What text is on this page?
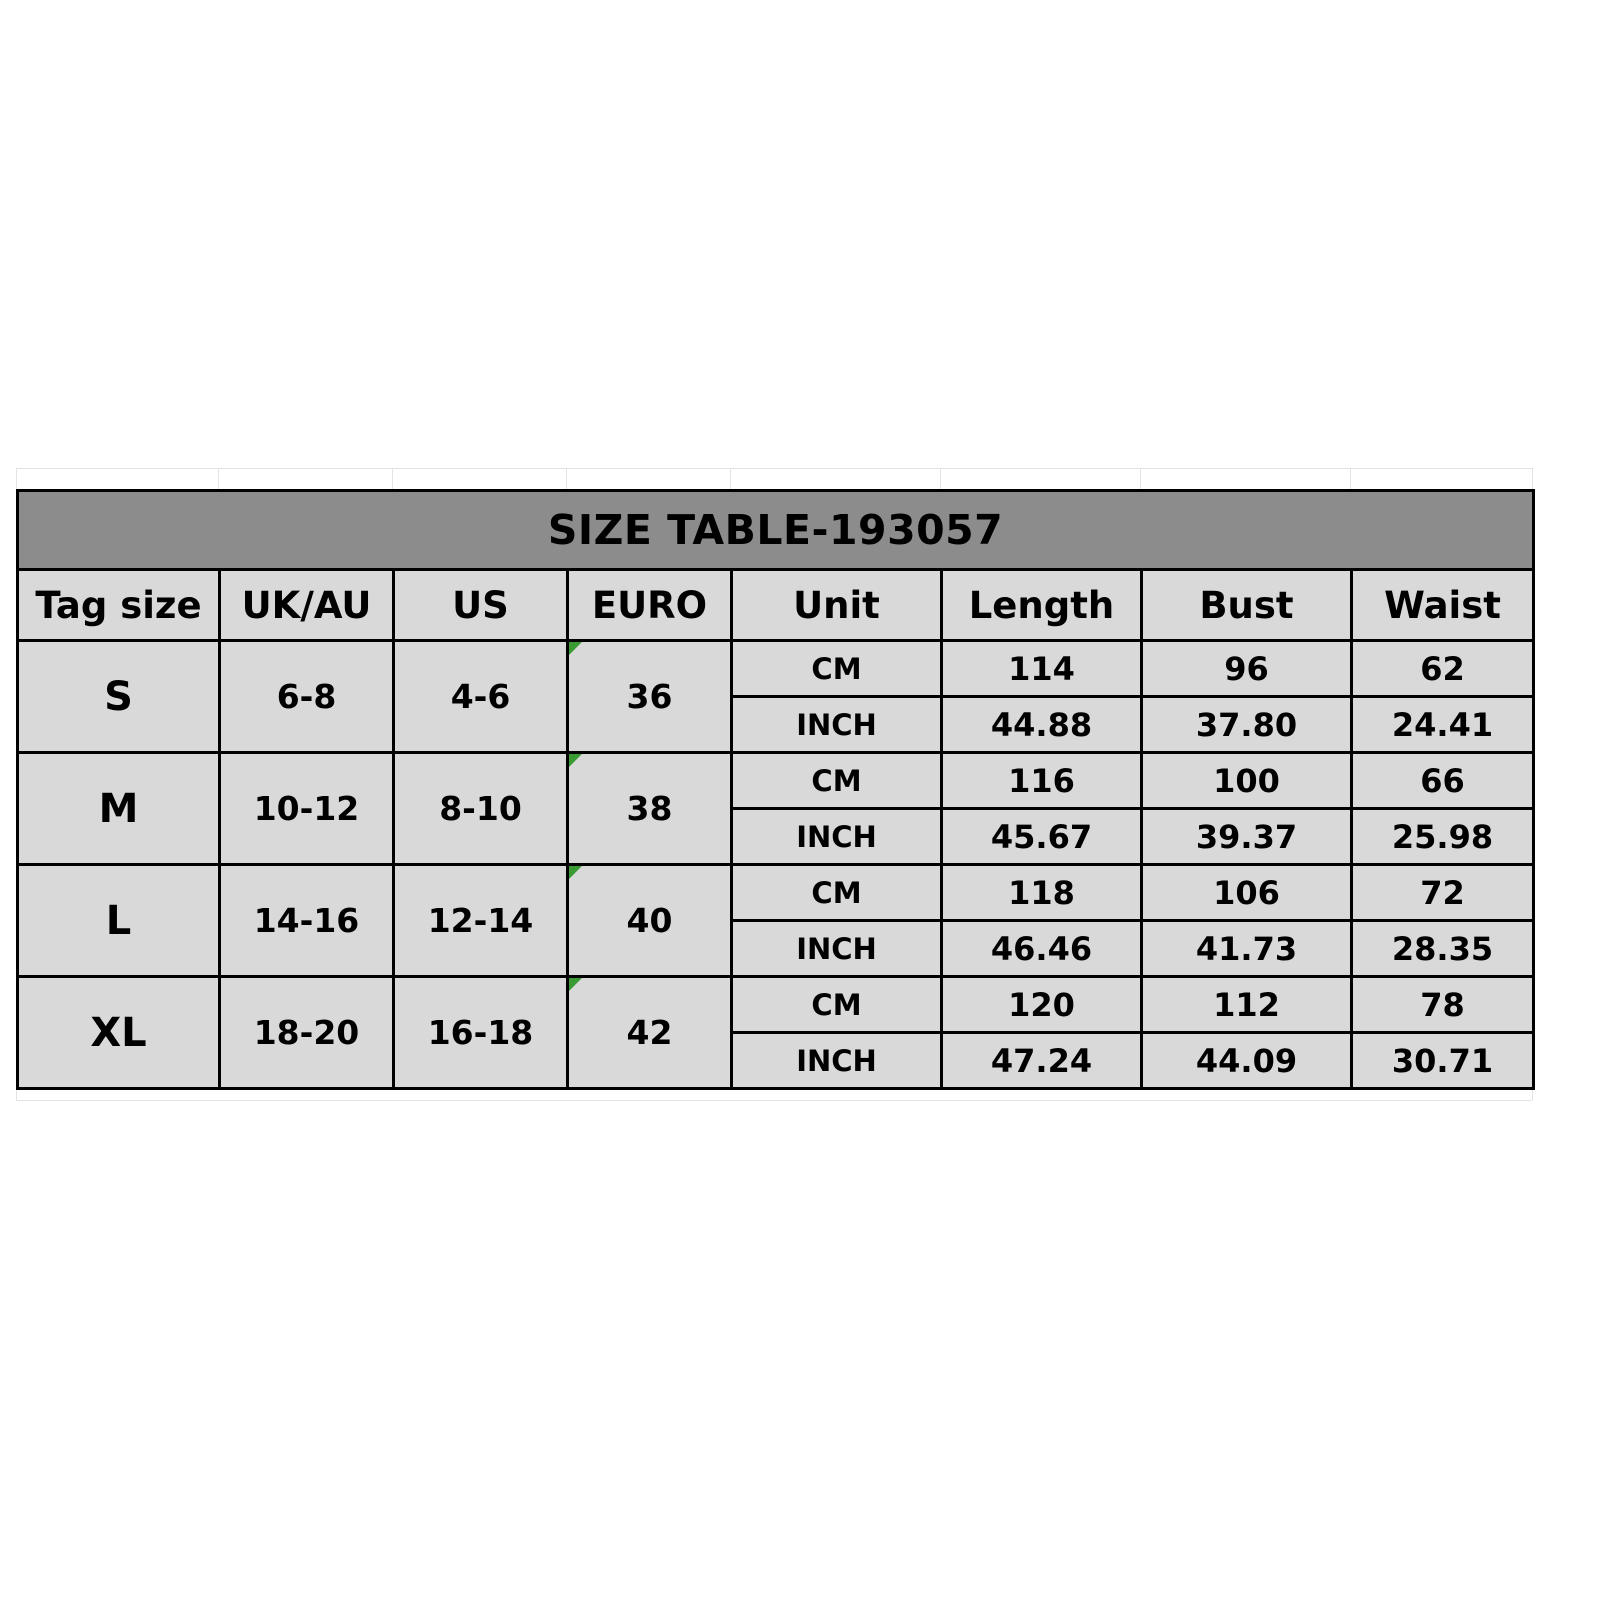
SIZE TABLE-193057							
Tag size	UK/AU	US	EURO	Unit	Length	Bust	Waist
S	6-8	4-6	36	CM	114	96	62
				INCH	44.88	37.80	24.41
M	10-12	8-10	38	CM	116	100	66
				INCH	45.67	39.37	25.98
L	14-16	12-14	40	CM	118	106	72
				INCH	46.46	41.73	28.35
XL	18-20	16-18	42	CM	120	112	78
				INCH	47.24	44.09	30.71
